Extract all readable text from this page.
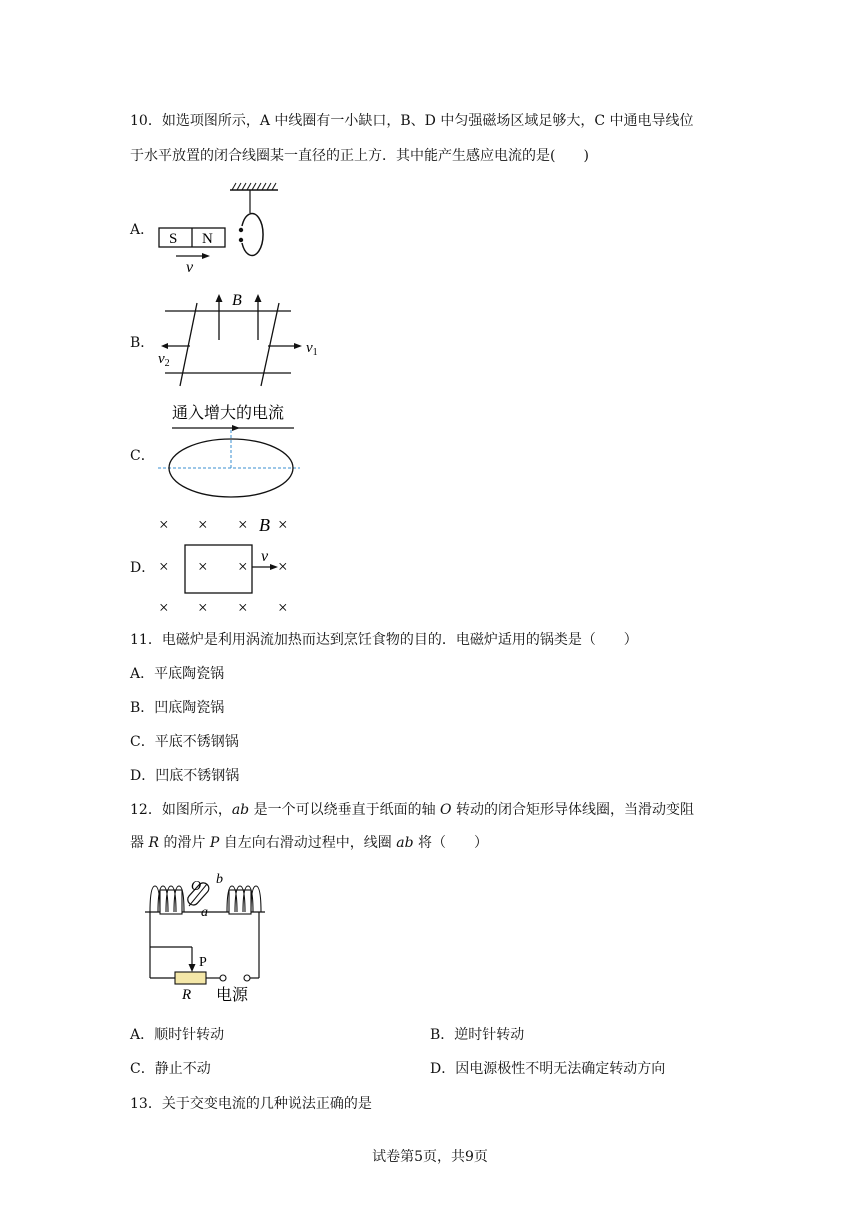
10．如选项图所示，A 中线圈有一小缺口，B、D 中匀强磁场区域足够大，C 中通电导线位
于水平放置的闭合线圈某一直径的正上方．其中能产生感应电流的是(　　)
A．
S N
v
B．
B
$v_2$
$v_1$
C．
通入增大的电流
D．
× × × ×
× × × ×
× × × ×
B
v
11．电磁炉是利用涡流加热而达到烹饪食物的目的．电磁炉适用的锅类是（　　）
A．平底陶瓷锅
B．凹底陶瓷锅
C．平底不锈钢锅
D．凹底不锈钢锅
12．如图所示，ab 是一个可以绕垂直于纸面的轴 O 转动的闭合矩形导体线圈，当滑动变阻
器 R 的滑片 P 自左向右滑动过程中，线圈 ab 将（　　）
O b
a
P
R 电源
A．顺时针转动	B．逆时针转动
C．静止不动	D．因电源极性不明无法确定转动方向
13．关于交变电流的几种说法正确的是
试卷第5页，共9页
